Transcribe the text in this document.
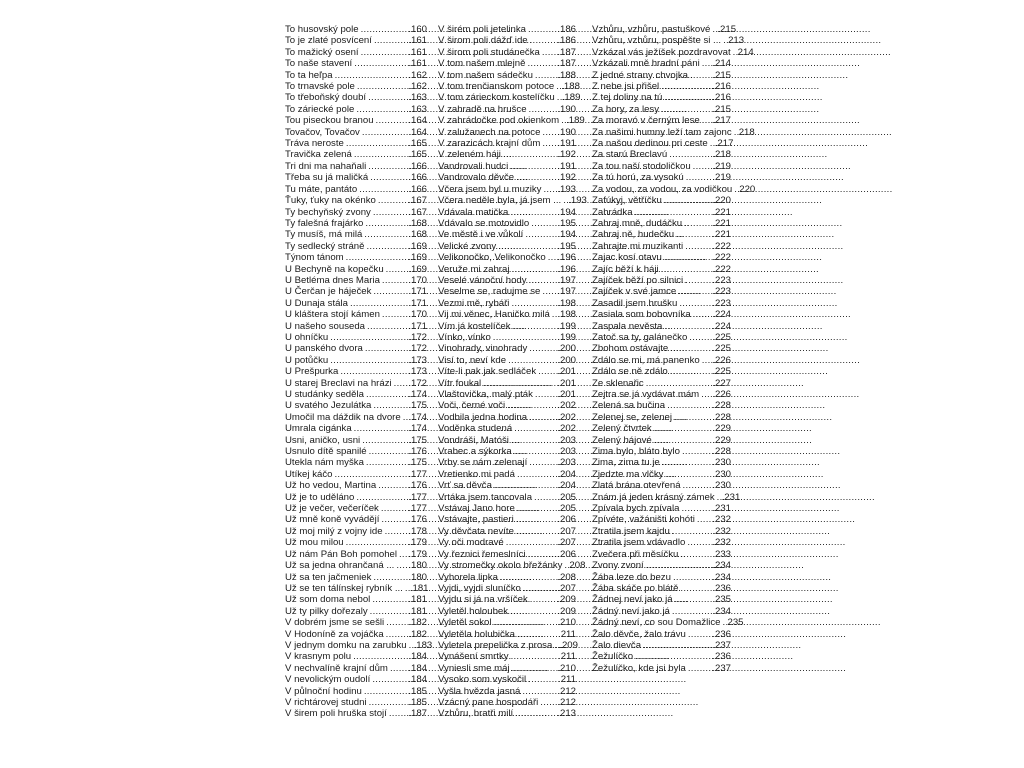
To husovský pole . . .	.160
To je zlaté posvícení . . .	.161
To mažický osení . . .	.161
To naše stavení . . .	.161
To ta heľpa . . .	.162
To trnavské pole . . .	.162
To třeboňský doubí . . .	.163
To záriecké pole . . .	.163
Tou piseckou branou . . .	.164
Tovačov, Tovačov . . .	.164
Tráva neroste . . .	.165
Travička zelená . . .	.165
Tri dni ma nahaňali . . .	.166
Třeba su já maličká . . .	.166
Tu máte, pantáto . . .	.166
Ťuky, ťuky na okénko . . .	.167
Ty bechyňský zvony . . .	.167
Ty falešná frajárko . . .	.168
Ty musíš, má milá . . .	.168
Ty sedlecký stráně . . .	.169
Týnom tánom . . .	.169
U Bechyně na kopečku . . .	.169
U Betléma dnes Maria . . .	.170
U Čerčan je háječek . . .	.171
U Dunaja stála . . .	.171
U kláštera stojí kámen . . .	.170
U našeho souseda . . .	.171
U ohníčku . . .	.172
U panského dvora . . .	.172
U potůčku . . .	.173
U Prešpurka . . .	.173
U starej Breclavi na hrázi . . . .172
U studánky seděla . . .	.174
U svatého Jezulátka . . .	.175
Umočil ma dáždik na dvore . . . .174
Umrala cigánka . . .	.174
Usni, aničko, usni . . .	.175
Usnulo dítě spanilé . . .	.176
Utekla nám myška . . .	.175
Utíkej káčo . . .	.177
Už ho vedou, Martina . . .	.176
Už je to uděláno . . .	.177
Už je večer, večeríček . . .	.177
Už mně koně vyvádějí . . .	.176
Už moj milý z vojny ide . . .	.178
Už mou milou . . .	.179
Už nám Pán Boh pomohel . . . .179
Už sa jedna ohrančaná ... . . . .180
Už sa ten jačmeniek . . .	.180
Už se ten tálínskej rybník ... . . . .181
Už som doma nebol . . .	.181
Už ty pilky dořezaly . . .	.181
V dobrém jsme se sešli . . .	.182
V Hodoníně za vojáčka . . .	.182
V jednym domku na zarubku . . . .183
V krasnym polu . . .	.184
V nechvalíně krajní dům . . . .184
V nevolickým oudolí . . .	.184
V půlnoční hodinu . . .	.185
V richtárovej studni . . .	.185
V širem poli hruška stojí . . . .187
V širém poli jetelinka . . .	.186
V širom poli dážď ide . . .	.186
V širom poli studánečka . . . .187
V tom našem mlejně . . .	.187
V tom našem sádečku . . .	.188
V tom trenčianskom potoce . . . .188
V tom zárieckom kostelíčku . . . .189
V zahradě na hrušce . . .	.190
V zahrádočke pod okienkom . . . .189
V zalužanech na potoce . . . .190
V zarazicách krajní dům . . . .191
V zeleném háji . . .	.192
Vandrovali hudci . . .	.191
Vandrovalo děvče . . .	.192
Včera jsem byl u muziky . . . .193
Včera neděle byla, já jsem ... . . . .193
Vdávala matička . . .	.194
Vdávalo se motovidlo . . .	.195
Ve městě i ve vůkolí . . .	.194
Velické zvony . . .	.195
Velikonočko, Velikonočko . . . .196
Veruže mi zahraj . . .	.196
Veselé vánoční hody . . .	.197
Veselme se, radujme se . . . .197
Vezmi mě, rybáři . . .	.198
Vij mi věnec, Haničko milá . . . .198
Vím já kostelíček . . .	.199
Vínko, vínko . . .	.199
Vinohrady, vinohrady . . .	.200
Visí to, neví kde . . .	.200
Víte-li pak jak sedláček . . . .201
Vítr foukal . . .	.201
Vlaštovička, malý pták . . .	.201
Voči, černé voči . . .	.202
Vodbila jedna hodina . . .	.202
Voděnka studená . . .	.202
Vondráši, Matóši . . .	.203
Vrabec a sýkorka . . .	.203
Vrby se nám zelenají . . .	.203
Vretienko mi padá . . .	.204
Vrť sa děvča . . .	.204
Vrtáka jsem tancovala . . .	.205
Vstávaj Jano hore . . .	.205
Vstávajte, pastieri . . .	.206
Vy děvčata nevíte . . .	.207
Vy oči modravé . . .	.207
Vy řeznici řemeslníci . . .	.206
Vy stromečky okolo břežánky . . . 208
Vyhorela lipka . . .	.208
Vyjdi, vyjdi sluníčko . . .	.207
Vyjdu si já na vršíček . . .	.209
Vyletěl holoubek . . .	.209
Vyletěl sokol . . .	.210
Vyletěla holubička . . .	.211
Vyletela prepelička z prosa . . . .209
Vynášení smrtky . . .	.211
Vyniesli sme máj . . .	.210
Vysoko som vyskočil . . .	.211
Vyšla hvězda jasná . . .	.212
Vzácný pane hospodáři . . . .212
Vzhůru, bratři milí . . .	.213
Vzhůru, vzhůru, pastuškové . . . .215
Vzhůru, vzhůru, pospěšte si ... . . . 213
Vzkázal vás ježíšek pozdravovat . . . 214
Vzkázali mně hradní páni . . . .214
Z jedné strany chvojka . . .	.215
Z nebe jsi přišel . . .	.216
Z tej doliny na tú . . .	.216
Za hory, za lesy . . .	.215
Za moravó v černým lese . . . .217
Za našimi humny leží tam zajonc . . . 218
Za našou dedinou pri ceste . . . .217
Za starú Breclavú . . .	.218
Za tou naší stodoličkou . . . .219
Za tú horú, za vysokú . . .	.219
Za vodou, za vodou, za vodičkou . . . 220
Zafúkyj, větříčku . . .	.220
Zahrádka . . .	.221
Zahraj mně, dudáčku . . .	.221
Zahraj ně, hudečku . . .	.221
Zahrajte mi muzikanti . . .	.222
Zajac kosí otavu . . .	.222
Zajíc běží k háji . . .	.222
Zajíček běží po silnici . . .	.223
Zajíček v své jamce . . .	.223
Zasadil jsem hrušku . . .	.223
Zasiala som bobovníka . . . .224
Zaspala nevěsta . . .	.224
Zatoč sa ty, galánečko . . .	.225
Zbohom ostávajte . . .	.225
Zdálo se mi, má panenko . . . .226
Zdálo se ně zdálo . . .	.225
Ze sklenařic . . .	.227
Zejtra se já vydávat mám . . . .226
Zelená sa bučina . . .	.228
Zelenej se, zelenej . . .	.228
Zelený čtvrtek . . .	.229
Zelený hájové . . .	.229
Zima bylo, bláto bylo . . .	.228
Zima, zima tu je . . .	.230
Zjedzte ma vlčky . . .	.230
Zlatá brána otevřená . . .	.230
Znám já jeden krásný zámek . . . .231
Zpívala bych zpívala . . .	.231
Zpívéte, važáništi kohóti . . . .232
Ztratila jsem kajdu . . .	.232
Ztratila jsem vdávadlo . . .	.232
Zvečera při měsíčku . . .	.233
Zvony zvoní . . .	.234
Žába leze do bezu . . .	.234
Žába skáče po blátě . . .	.236
Žádnej neví jako já . . .	.235
Žádný neví jako já . . .	.234
Žádný neví, co sou Domažlice . . . 235
Žalo děvče, žalo trávu . . .	.236
Žalo dievča . . .	.237
Žežulíčko . . .	.236
Žežulíčko, kde jsi byla . . .	.237
